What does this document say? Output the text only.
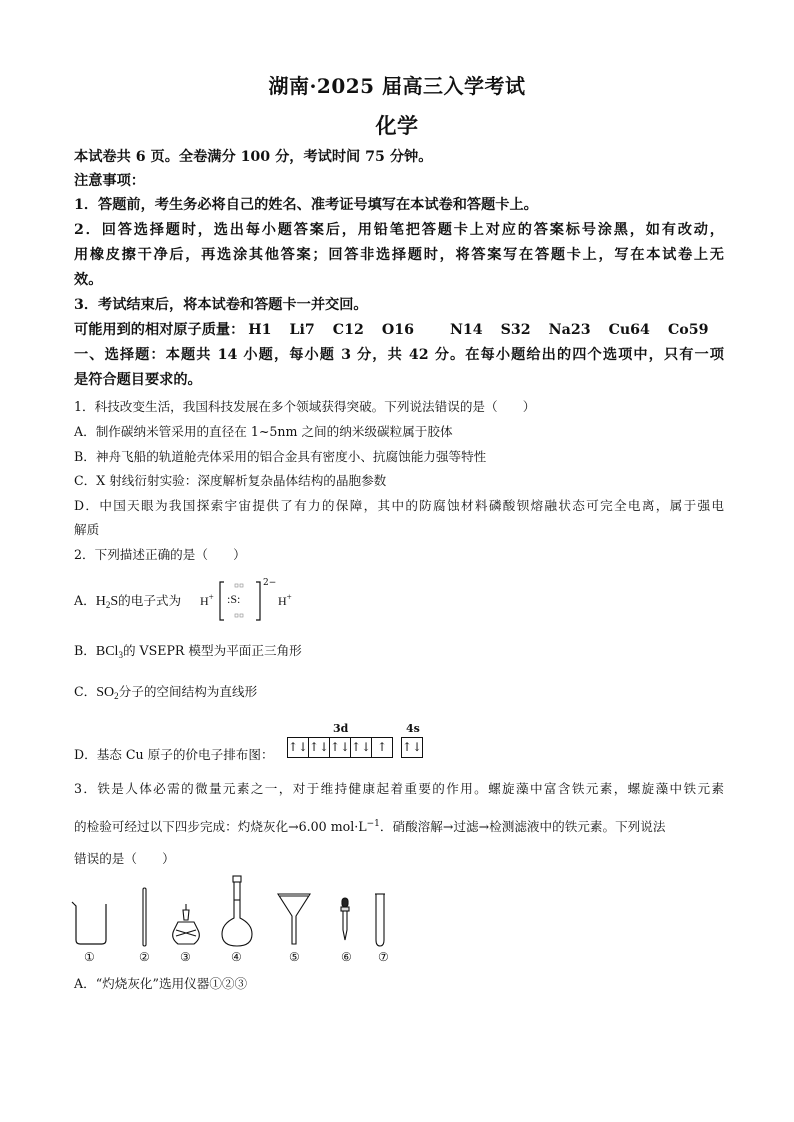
湖南·2025 届高三入学考试
化学
本试卷共 6 页。全卷满分 100 分，考试时间 75 分钟。
注意事项：
1．答题前，考生务必将自己的姓名、准考证号填写在本试卷和答题卡上。
2．回答选择题时，选出每小题答案后，用铅笔把答题卡上对应的答案标号涂黑，如有改动，
用橡皮擦干净后，再选涂其他答案；回答非选择题时，将答案写在答题卡上，写在本试卷上无
效。
3．考试结束后，将本试卷和答题卡一并交回。
可能用到的相对原子质量： H1 Li7 C12 O16	N14 S32 Na23 Cu64 Co59
一、选择题：本题共 14 小题，每小题 3 分，共 42 分。在每小题给出的四个选项中，只有一项
是符合题目要求的。
1．科技改变生活，我国科技发展在多个领域获得突破。下列说法错误的是（　　）
A．制作碳纳米管采用的直径在 1~5nm 之间的纳米级碳粒属于胶体
B．神舟飞船的轨道舱壳体采用的铝合金具有密度小、抗腐蚀能力强等特性
C．X 射线衍射实验：深度解析复杂晶体结构的晶胞参数
D．中国天眼为我国探索宇宙提供了有力的保障，其中的防腐蚀材料磷酸钡熔融状态可完全电离，属于强电
解质
2．下列描述正确的是（　　）
A．$H_2S$的电子式为	H+ :S:
2−
H+
B．BCl$_3$的 VSEPR 模型为平面正三角形
C．$SO_2$分子的空间结构为直线形
D．基态 Cu 原子的价电子排布图：
3d	4s
↑↓ ↑↓ ↑↓ ↑↓ ↑	↑↓
3．铁是人体必需的微量元素之一，对于维持健康起着重要的作用。螺旋藻中富含铁元素，螺旋藻中铁元素
的检验可经过以下四步完成：灼烧灰化→6.00 $mol\cdot L^{-1}$．硝酸溶解→过滤→检测滤液中的铁元素。下列说法
错误的是（　　）
①	②	③	④	⑤	⑥ ⑦
A．“灼烧灰化”选用仪器①②③
